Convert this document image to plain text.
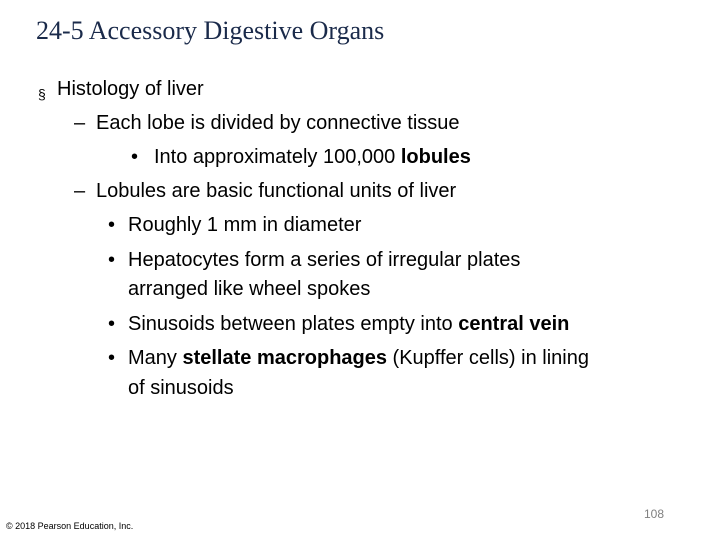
24-5 Accessory Digestive Organs
§ Histology of liver
– Each lobe is divided by connective tissue
• Into approximately 100,000 lobules
– Lobules are basic functional units of liver
• Roughly 1 mm in diameter
• Hepatocytes form a series of irregular plates
arranged like wheel spokes
• Sinusoids between plates empty into central vein
• Many stellate macrophages (Kupffer cells) in lining
of sinusoids
108
© 2018 Pearson Education, Inc.
